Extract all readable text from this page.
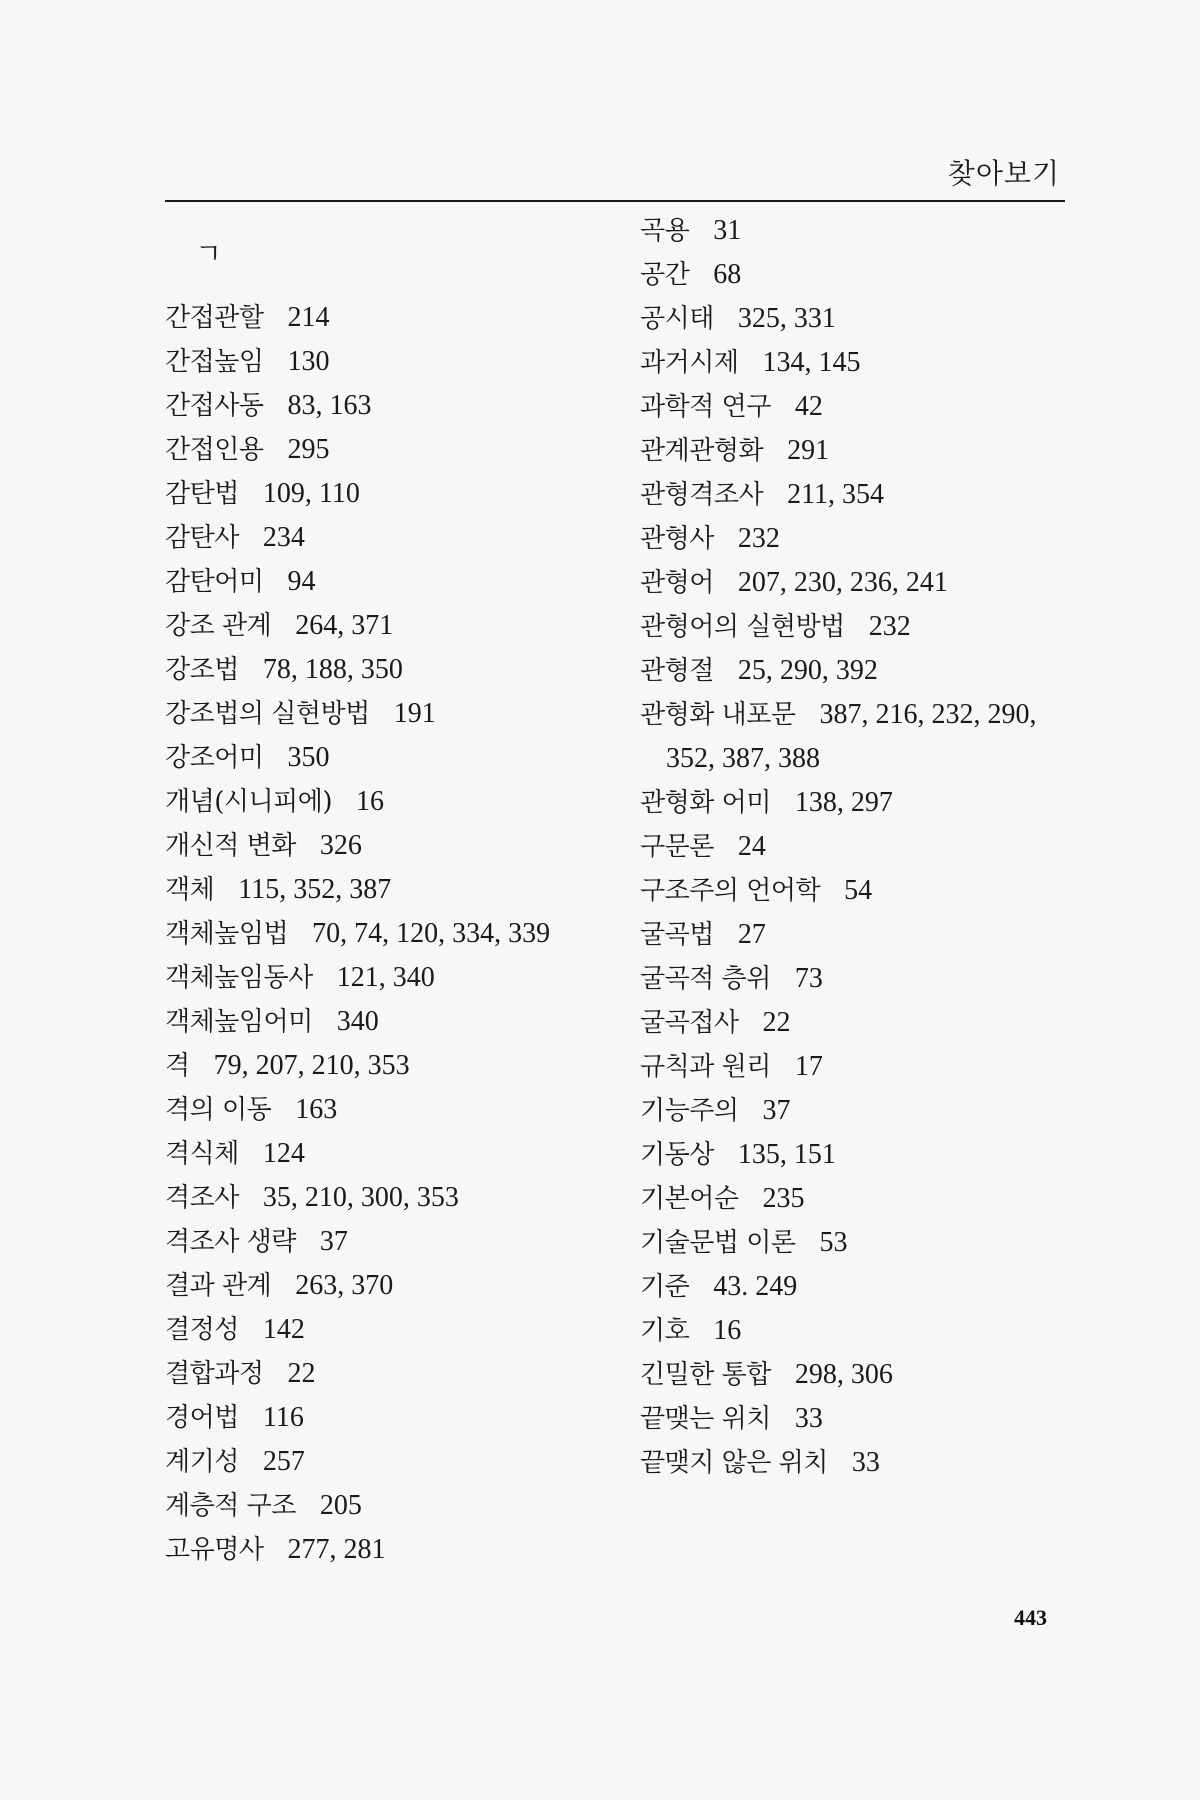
찾아보기
ㄱ
간접관할 214
간접높임 130
간접사동 83, 163
간접인용 295
감탄법 109, 110
감탄사 234
감탄어미 94
강조 관계 264, 371
강조법 78, 188, 350
강조법의 실현방법 191
강조어미 350
개념(시니피에) 16
개신적 변화 326
객체 115, 352, 387
객체높임법 70, 74, 120, 334, 339
객체높임동사 121, 340
객체높임어미 340
격 79, 207, 210, 353
격의 이동 163
격식체 124
격조사 35, 210, 300, 353
격조사 생략 37
결과 관계 263, 370
결정성 142
결합과정 22
경어법 116
계기성 257
계층적 구조 205
고유명사 277, 281
곡용 31
공간 68
공시태 325, 331
과거시제 134, 145
과학적 연구 42
관계관형화 291
관형격조사 211, 354
관형사 232
관형어 207, 230, 236, 241
관형어의 실현방법 232
관형절 25, 290, 392
관형화 내포문 387, 216, 232, 290,
352, 387, 388
관형화 어미 138, 297
구문론 24
구조주의 언어학 54
굴곡법 27
굴곡적 층위 73
굴곡접사 22
규칙과 원리 17
기능주의 37
기동상 135, 151
기본어순 235
기술문법 이론 53
기준 43. 249
기호 16
긴밀한 통합 298, 306
끝맺는 위치 33
끝맺지 않은 위치 33
443
